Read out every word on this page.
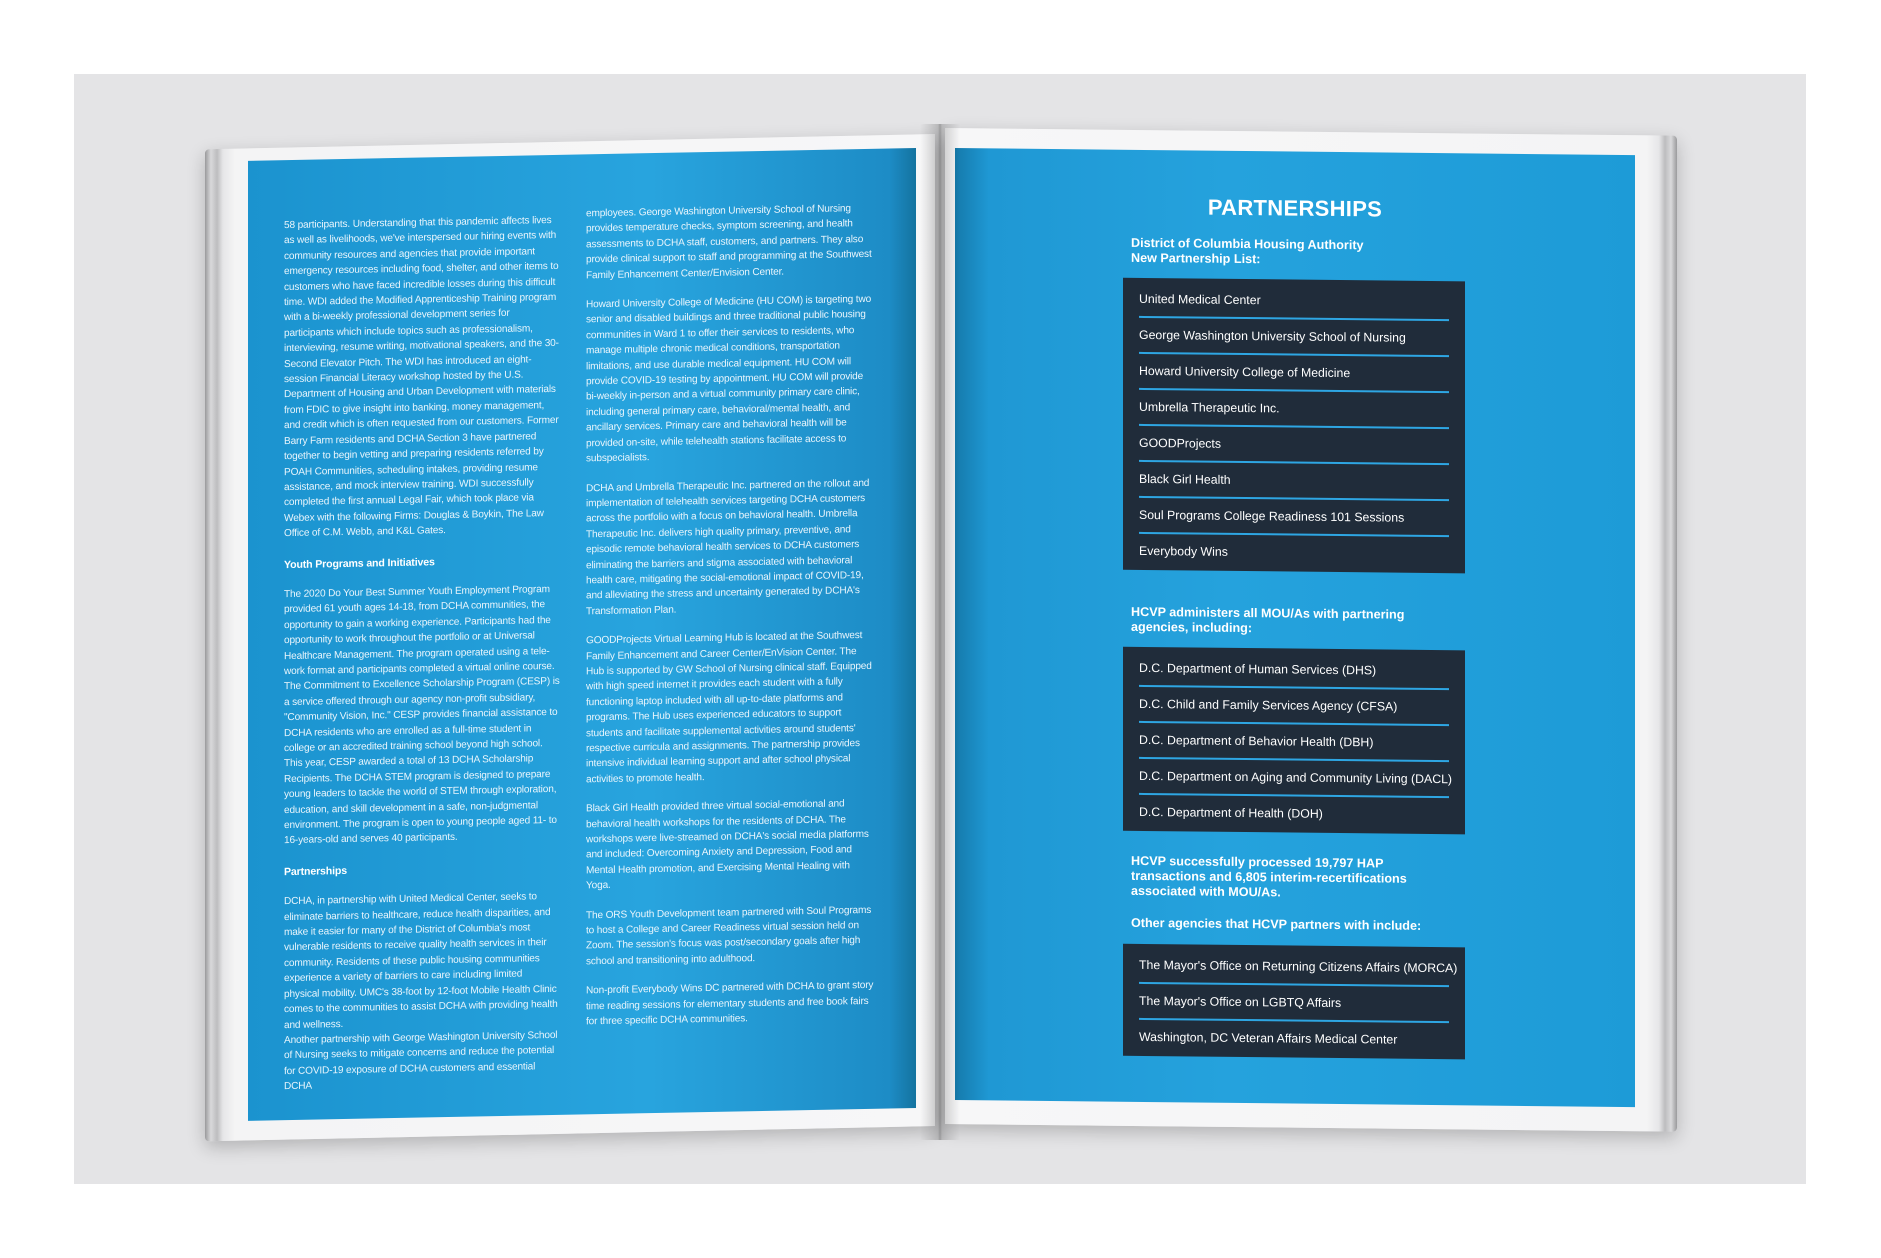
58 participants. Understanding that this pandemic affects lives as well as livelihoods, we've interspersed our hiring events with community resources and agencies that provide important emergency resources including food, shelter, and other items to customers who have faced incredible losses during this difficult time. WDI added the Modified Apprenticeship Training program with a bi-weekly professional development series for participants which include topics such as professionalism, interviewing, resume writing, motivational speakers, and the 30-Second Elevator Pitch. The WDI has introduced an eight-session Financial Literacy workshop hosted by the U.S. Department of Housing and Urban Development with materials from FDIC to give insight into banking, money management, and credit which is often requested from our customers. Former Barry Farm residents and DCHA Section 3 have partnered together to begin vetting and preparing residents referred by POAH Communities, scheduling intakes, providing resume assistance, and mock interview training. WDI successfully completed the first annual Legal Fair, which took place via Webex with the following Firms: Douglas & Boykin, The Law Office of C.M. Webb, and K&L Gates.

Youth Programs and Initiatives

The 2020 Do Your Best Summer Youth Employment Program provided 61 youth ages 14-18, from DCHA communities, the opportunity to gain a working experience. Participants had the opportunity to work throughout the portfolio or at Universal Healthcare Management. The program operated using a tele-work format and participants completed a virtual online course. The Commitment to Excellence Scholarship Program (CESP) is a service offered through our agency non-profit subsidiary, "Community Vision, Inc." CESP provides financial assistance to DCHA residents who are enrolled as a full-time student in college or an accredited training school beyond high school. This year, CESP awarded a total of 13 DCHA Scholarship Recipients. The DCHA STEM program is designed to prepare young leaders to tackle the world of STEM through exploration, education, and skill development in a safe, non-judgmental environment. The program is open to young people aged 11- to 16-years-old and serves 40 participants.

Partnerships

DCHA, in partnership with United Medical Center, seeks to eliminate barriers to healthcare, reduce health disparities, and make it easier for many of the District of Columbia's most vulnerable residents to receive quality health services in their community. Residents of these public housing communities experience a variety of barriers to care including limited physical mobility. UMC's 38-foot by 12-foot Mobile Health Clinic comes to the communities to assist DCHA with providing health and wellness.

Another partnership with George Washington University School of Nursing seeks to mitigate concerns and reduce the potential for COVID-19 exposure of DCHA customers and essential DCHA

employees. George Washington University School of Nursing provides temperature checks, symptom screening, and health assessments to DCHA staff, customers, and partners. They also provide clinical support to staff and programming at the Southwest Family Enhancement Center/Envision Center.

Howard University College of Medicine (HU COM) is targeting two senior and disabled buildings and three traditional public housing communities in Ward 1 to offer their services to residents, who manage multiple chronic medical conditions, transportation limitations, and use durable medical equipment. HU COM will provide COVID-19 testing by appointment. HU COM will provide bi-weekly in-person and a virtual community primary care clinic, including general primary care, behavioral/mental health, and ancillary services. Primary care and behavioral health will be provided on-site, while telehealth stations facilitate access to subspecialists.

DCHA and Umbrella Therapeutic Inc. partnered on the rollout and implementation of telehealth services targeting DCHA customers across the portfolio with a focus on behavioral health. Umbrella Therapeutic Inc. delivers high quality primary, preventive, and episodic remote behavioral health services to DCHA customers eliminating the barriers and stigma associated with behavioral health care, mitigating the social-emotional impact of COVID-19, and alleviating the stress and uncertainty generated by DCHA's Transformation Plan.

GOODProjects Virtual Learning Hub is located at the Southwest Family Enhancement and Career Center/EnVision Center. The Hub is supported by GW School of Nursing clinical staff. Equipped with high speed internet it provides each student with a fully functioning laptop included with all up-to-date platforms and programs. The Hub uses experienced educators to support students and facilitate supplemental activities around students' respective curricula and assignments. The partnership provides intensive individual learning support and after school physical activities to promote health.

Black Girl Health provided three virtual social-emotional and behavioral health workshops for the residents of DCHA. The workshops were live-streamed on DCHA's social media platforms and included: Overcoming Anxiety and Depression, Food and Mental Health promotion, and Exercising Mental Healing with Yoga.

The ORS Youth Development team partnered with Soul Programs to host a College and Career Readiness virtual session held on Zoom. The session's focus was post/secondary goals after high school and transitioning into adulthood.

Non-profit Everybody Wins DC partnered with DCHA to grant story time reading sessions for elementary students and free book fairs for three specific DCHA communities.

PARTNERSHIPS
District of Columbia Housing Authority New Partnership List:
United Medical Center
George Washington University School of Nursing
Howard University College of Medicine
Umbrella Therapeutic Inc.
GOODProjects
Black Girl Health
Soul Programs College Readiness 101 Sessions
Everybody Wins
HCVP administers all MOU/As with partnering agencies, including:
D.C. Department of Human Services (DHS)
D.C. Child and Family Services Agency (CFSA)
D.C. Department of Behavior Health (DBH)
D.C. Department on Aging and Community Living (DACL)
D.C. Department of Health (DOH)
HCVP successfully processed 19,797 HAP transactions and 6,805 interim-recertifications associated with MOU/As.
Other agencies that HCVP partners with include:
The Mayor's Office on Returning Citizens Affairs (MORCA)
The Mayor's Office on LGBTQ Affairs
Washington, DC Veteran Affairs Medical Center
